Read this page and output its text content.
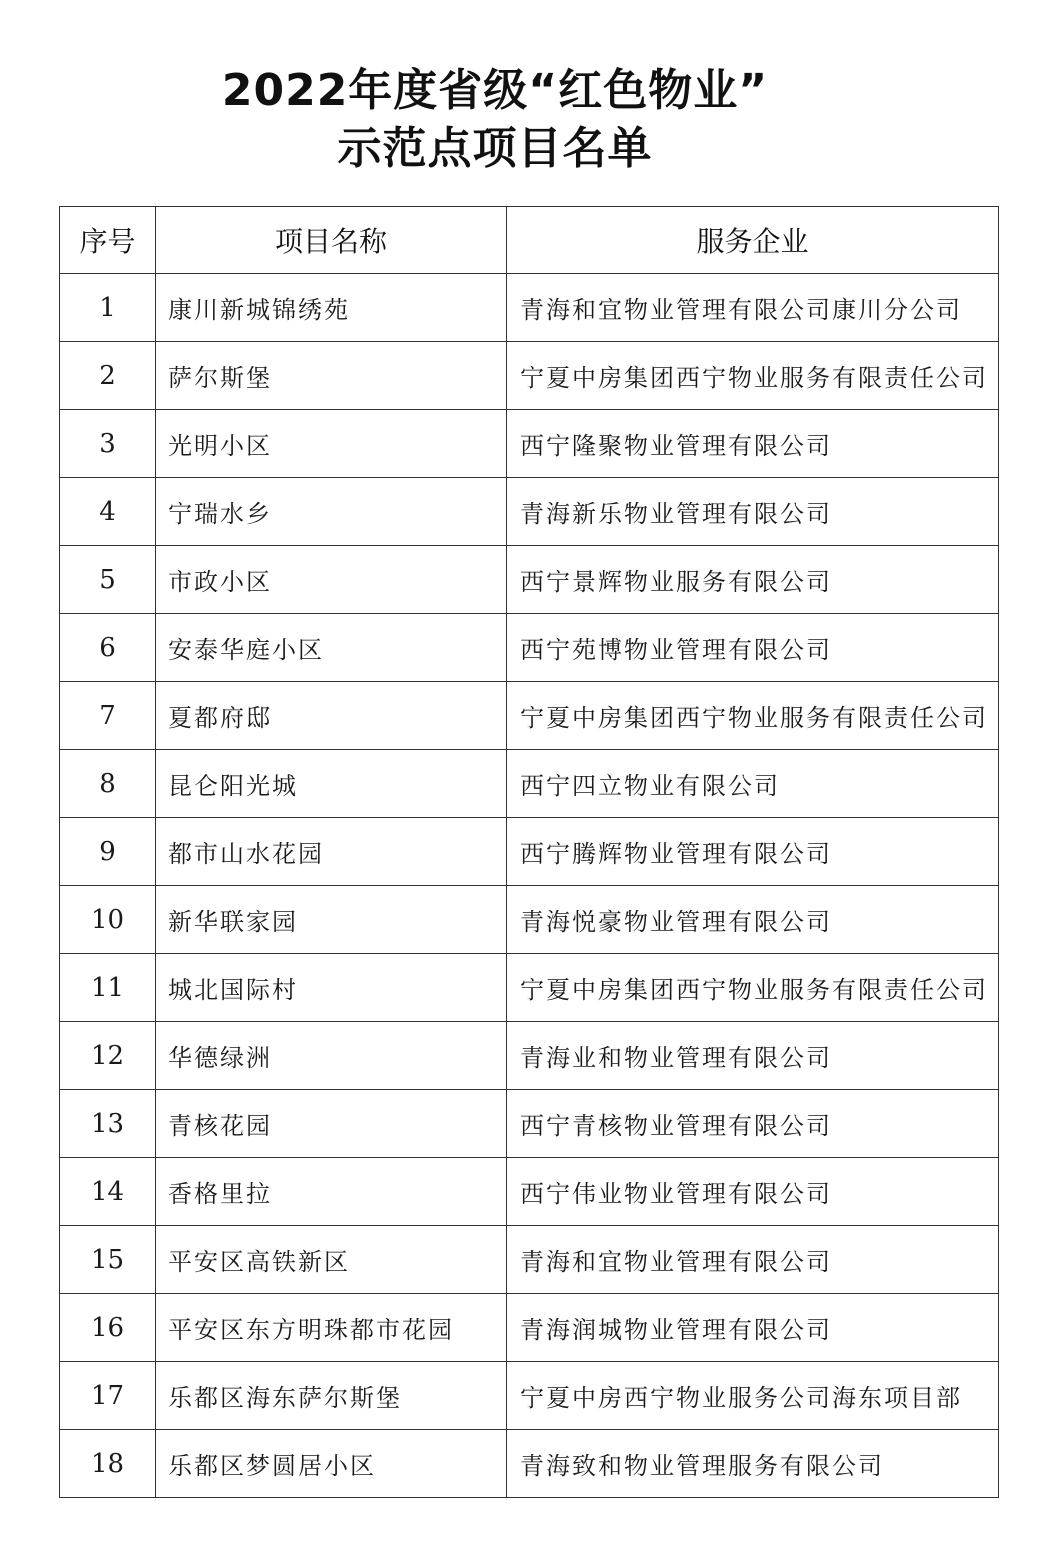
2022年度省级“红色物业”
示范点项目名单
序号	项目名称	服务企业
1	康川新城锦绣苑	青海和宜物业管理有限公司康川分公司
2	萨尔斯堡	宁夏中房集团西宁物业服务有限责任公司
3	光明小区	西宁隆聚物业管理有限公司
4	宁瑞水乡	青海新乐物业管理有限公司
5	市政小区	西宁景辉物业服务有限公司
6	安泰华庭小区	西宁苑博物业管理有限公司
7	夏都府邸	宁夏中房集团西宁物业服务有限责任公司
8	昆仑阳光城	西宁四立物业有限公司
9	都市山水花园	西宁腾辉物业管理有限公司
10	新华联家园	青海悦豪物业管理有限公司
11	城北国际村	宁夏中房集团西宁物业服务有限责任公司
12	华德绿洲	青海业和物业管理有限公司
13	青核花园	西宁青核物业管理有限公司
14	香格里拉	西宁伟业物业管理有限公司
15	平安区高铁新区	青海和宜物业管理有限公司
16	平安区东方明珠都市花园	青海润城物业管理有限公司
17	乐都区海东萨尔斯堡	宁夏中房西宁物业服务公司海东项目部
18	乐都区梦圆居小区	青海致和物业管理服务有限公司
